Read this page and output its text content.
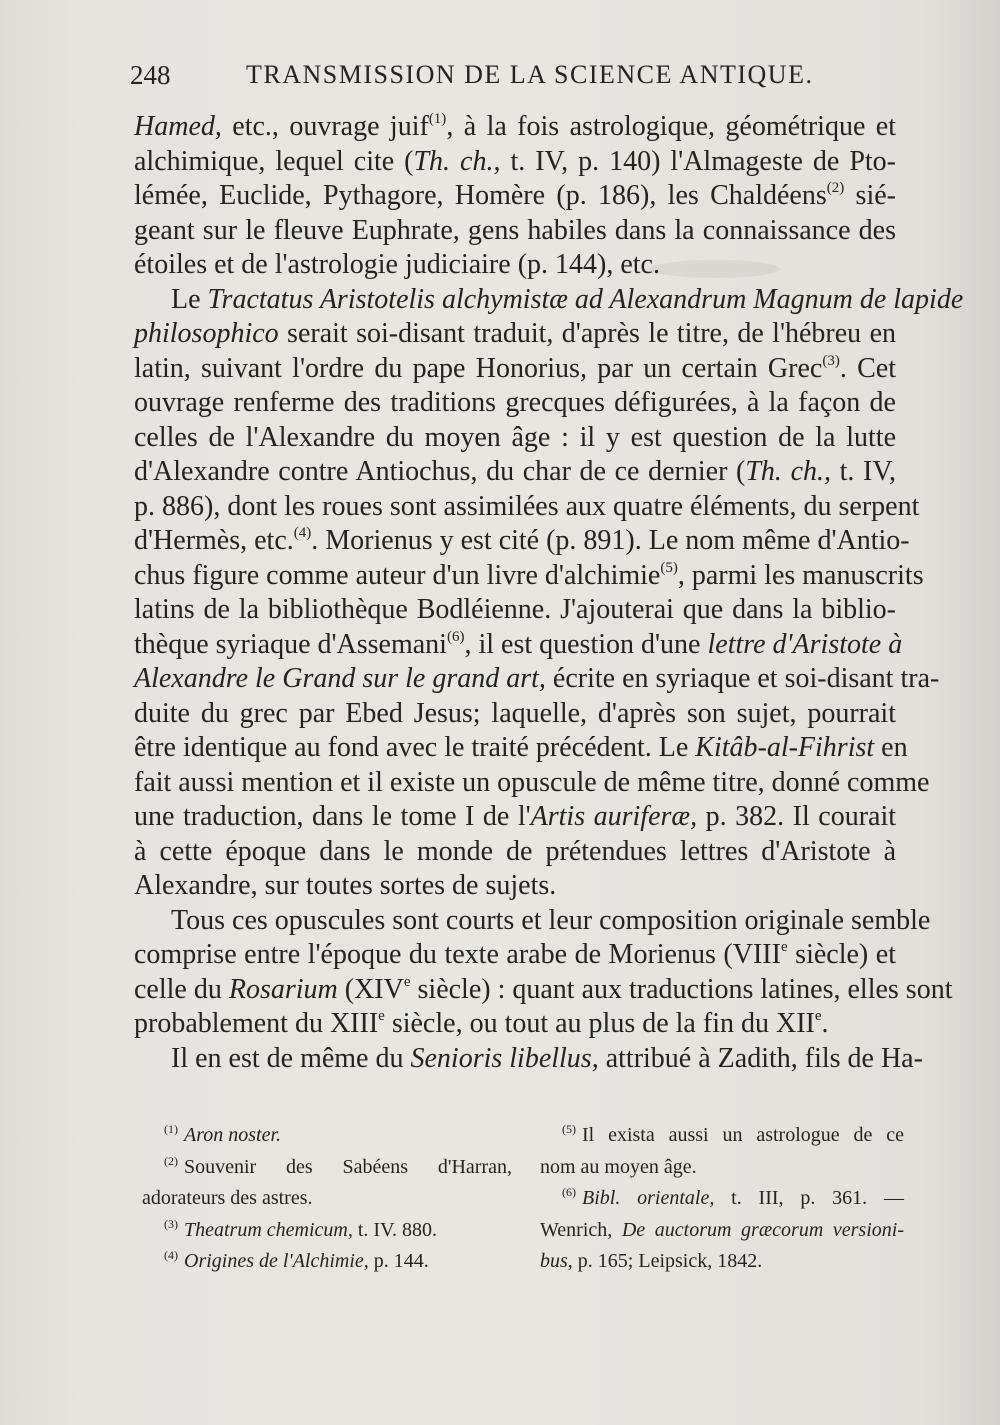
248	TRANSMISSION DE LA SCIENCE ANTIQUE.
Hamed, etc., ouvrage juif$^{(1)}$, à la fois astrologique, géométrique et
alchimique, lequel cite (Th. ch., t. IV, p. 140) l'Almageste de Pto-
lémée, Euclide, Pythagore, Homère (p. 186), les Chaldéens$^{(2)}$ sié-
geant sur le fleuve Euphrate, gens habiles dans la connaissance des
étoiles et de l'astrologie judiciaire (p. 144), etc.
Le Tractatus Aristotelis alchymistæ ad Alexandrum Magnum de lapide
philosophico serait soi-disant traduit, d'après le titre, de l'hébreu en
latin, suivant l'ordre du pape Honorius, par un certain Grec$^{(3)}$. Cet
ouvrage renferme des traditions grecques défigurées, à la façon de
celles de l'Alexandre du moyen âge : il y est question de la lutte
d'Alexandre contre Antiochus, du char de ce dernier (Th. ch., t. IV,
p. 886), dont les roues sont assimilées aux quatre éléments, du serpent
d'Hermès, etc.$^{(4)}$. Morienus y est cité (p. 891). Le nom même d'Antio-
chus figure comme auteur d'un livre d'alchimie$^{(5)}$, parmi les manuscrits
latins de la bibliothèque Bodléienne. J'ajouterai que dans la biblio-
thèque syriaque d'Assemani$^{(6)}$, il est question d'une lettre d'Aristote à
Alexandre le Grand sur le grand art, écrite en syriaque et soi-disant tra-
duite du grec par Ebed Jesus; laquelle, d'après son sujet, pourrait
être identique au fond avec le traité précédent. Le Kitâb-al-Fihrist en
fait aussi mention et il existe un opuscule de même titre, donné comme
une traduction, dans le tome I de l'Artis auriferæ, p. 382. Il courait
à cette époque dans le monde de prétendues lettres d'Aristote à
Alexandre, sur toutes sortes de sujets.
Tous ces opuscules sont courts et leur composition originale semble
comprise entre l'époque du texte arabe de Morienus (VIIIe siècle) et
celle du Rosarium (XIVe siècle) : quant aux traductions latines, elles sont
probablement du XIIIe siècle, ou tout au plus de la fin du XIIe.
Il en est de même du Senioris libellus, attribué à Zadith, fils de Ha-
$^{(1)}$ Aron noster.
$^{(2)}$ Souvenir des Sabéens d'Harran,
adorateurs des astres.
$^{(3)}$ Theatrum chemicum, t. IV. 880.
$^{(4)}$ Origines de l'Alchimie, p. 144.
$^{(5)}$ Il exista aussi un astrologue de ce
nom au moyen âge.
$^{(6)}$ Bibl. orientale, t. III, p. 361. —
Wenrich, De auctorum græcorum versioni-
bus, p. 165; Leipsick, 1842.
